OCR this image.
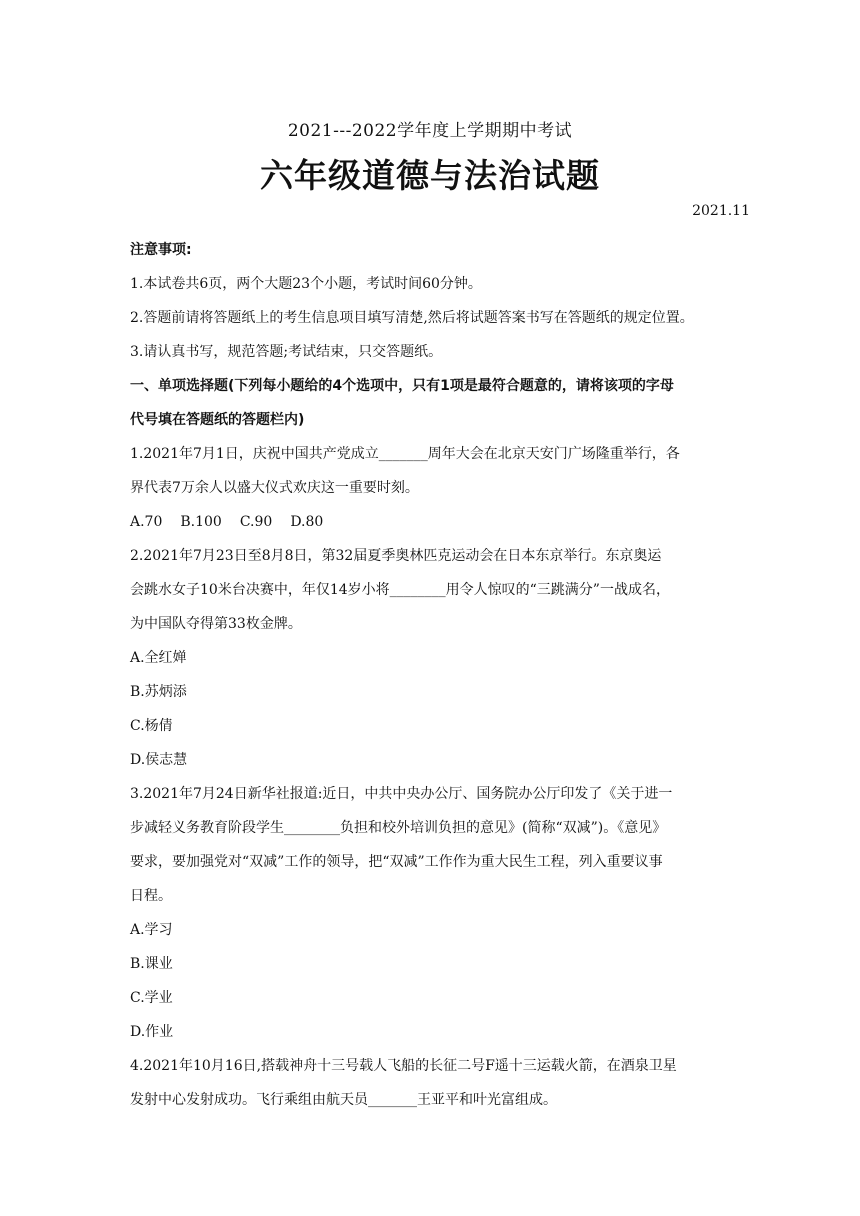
2021---2022学年度上学期期中考试
六年级道德与法治试题
2021.11
注意事项:
1.本试卷共6页，两个大题23个小题，考试时间60分钟。
2.答题前请将答题纸上的考生信息项目填写清楚,然后将试题答案书写在答题纸的规定位置。
3.请认真书写，规范答题;考试结束，只交答题纸。
一、单项选择题(下列每小题给的4个选项中，只有1项是最符合题意的，请将该项的字母
代号填在答题纸的答题栏内)
1.2021年7月1日，庆祝中国共产党成立_______周年大会在北京天安门广场隆重举行，各
界代表7万余人以盛大仪式欢庆这一重要时刻。
A.70 B.100 C.90 D.80
2.2021年7月23日至8月8日，第32届夏季奥林匹克运动会在日本东京举行。东京奥运
会跳水女子10米台决赛中，年仅14岁小将________用令人惊叹的“三跳满分”一战成名，
为中国队夺得第33枚金牌。
A.全红婵
B.苏炳添
C.杨倩
D.侯志慧
3.2021年7月24日新华社报道:近日，中共中央办公厅、国务院办公厅印发了《关于进一
步减轻义务教育阶段学生________负担和校外培训负担的意见》(简称“双减”)。《意见》
要求，要加强党对“双减”工作的领导，把“双减”工作作为重大民生工程，列入重要议事
日程。
A.学习
B.课业
C.学业
D.作业
4.2021年10月16日,搭载神舟十三号载人飞船的长征二号F遥十三运载火箭，在酒泉卫星
发射中心发射成功。飞行乘组由航天员_______王亚平和叶光富组成。
